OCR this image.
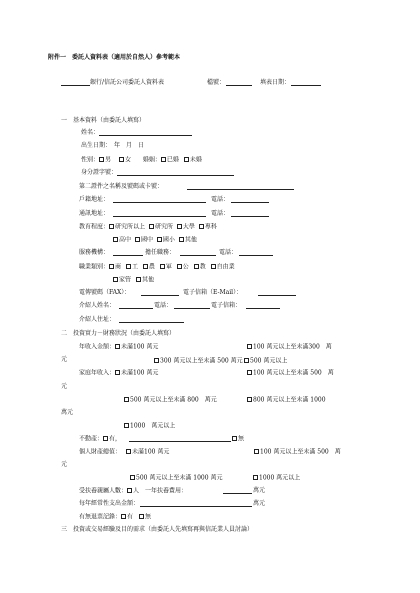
附件一　委託人資料表（適用於自然人）參考範本
銀行/信託公司委託人資料表	檔號：	填表日期：
一　基本資料（由委託人填寫）
姓名：
出生日期：　年　月　日
性別： 男 女 婚姻： 已婚 未婚
身分證字號：
第二證件之名稱及號碼或卡號：
戶籍地址：	電話：
通訊地址：	電話：
教育程度： 研究所以上 研究所 大學 專科
高中 國中 國小 其他
服務機構：	擔任職務：	電話：
職業類別： 商 工 農 軍 公 教 自由業
家管 其他
電傳號碼（FAX）：	電子信箱（E-Mail）：
介紹人姓名：	電話：	電子信箱：
介紹人住址：
二　投資實力－財務狀況（由委託人填寫）
年收入金額： 未滿100 萬元	100 萬元以上至未滿300　萬
元	300 萬元以上至未滿 500 萬元	500 萬元以上
家庭年收入： 未滿100 萬元	100 萬元以上至未滿 500　萬
元
500 萬元以上至未滿 800　萬元	800 萬元以上至未滿 1000
萬元
1000　萬元以上
不動產： 有，	無
個人財產總值： 未滿100 萬元	100 萬元以上至未滿 500　萬
元
500 萬元以上至未滿 1000 萬元	1000 萬元以上
受扶養親屬人數： 人 一年扶養費用：	萬元
每年經常性支出金額：	萬元
有無退票記錄： 有 無
三　投資或交易經驗及目的需求（由委託人先填寫再與信託業人員討論）
